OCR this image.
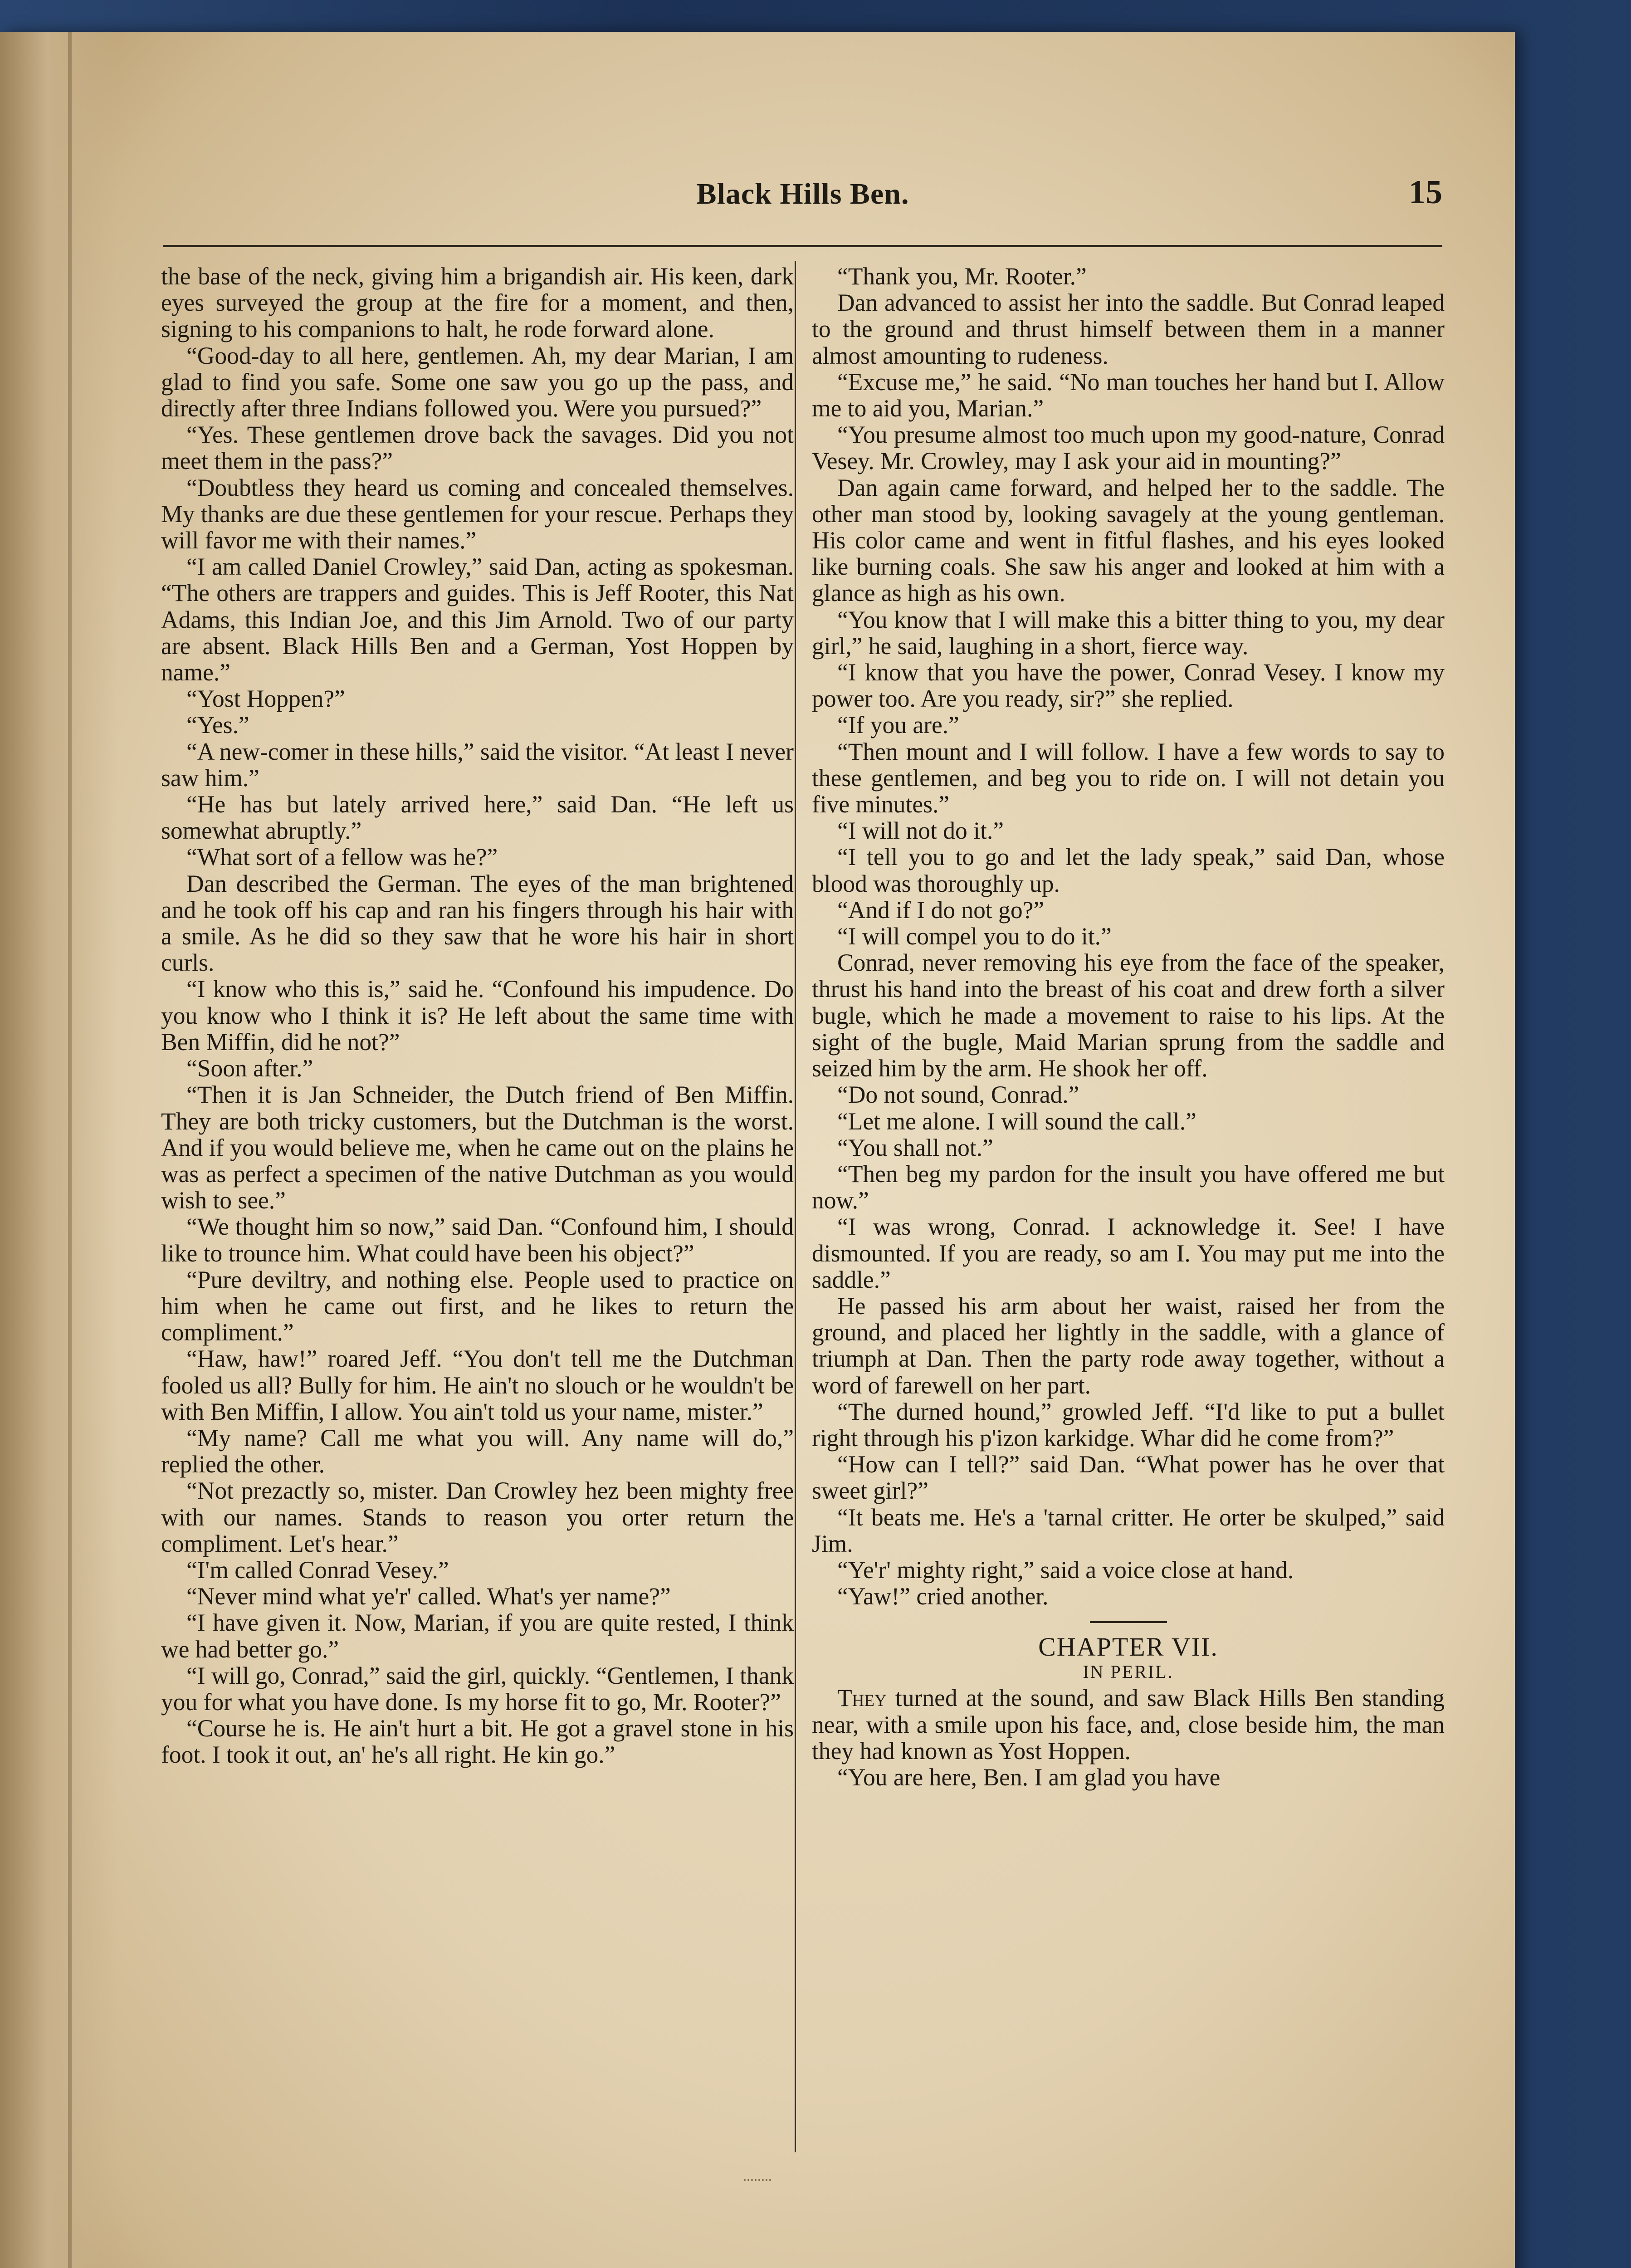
Black Hills Ben.	15

the base of the neck, giving him a brigandish air. His keen, dark eyes surveyed the group at the fire for a moment, and then, signing to his companions to halt, he rode forward alone.

“Good-day to all here, gentlemen. Ah, my dear Marian, I am glad to find you safe. Some one saw you go up the pass, and directly after three Indians followed you. Were you pursued?”

“Yes. These gentlemen drove back the savages. Did you not meet them in the pass?”

“Doubtless they heard us coming and concealed themselves. My thanks are due these gentlemen for your rescue. Perhaps they will favor me with their names.”

“I am called Daniel Crowley,” said Dan, acting as spokesman. “The others are trappers and guides. This is Jeff Rooter, this Nat Adams, this Indian Joe, and this Jim Arnold. Two of our party are absent. Black Hills Ben and a German, Yost Hoppen by name.”

“Yost Hoppen?”

“Yes.”

“A new-comer in these hills,” said the visitor. “At least I never saw him.”

“He has but lately arrived here,” said Dan. “He left us somewhat abruptly.”

“What sort of a fellow was he?”

Dan described the German. The eyes of the man brightened and he took off his cap and ran his fingers through his hair with a smile. As he did so they saw that he wore his hair in short curls.

“I know who this is,” said he. “Confound his impudence. Do you know who I think it is? He left about the same time with Ben Miffin, did he not?”

“Soon after.”

“Then it is Jan Schneider, the Dutch friend of Ben Miffin. They are both tricky customers, but the Dutchman is the worst. And if you would believe me, when he came out on the plains he was as perfect a specimen of the native Dutchman as you would wish to see.”

“We thought him so now,” said Dan. “Confound him, I should like to trounce him. What could have been his object?”

“Pure deviltry, and nothing else. People used to practice on him when he came out first, and he likes to return the compliment.”

“Haw, haw!” roared Jeff. “You don't tell me the Dutchman fooled us all? Bully for him. He ain't no slouch or he wouldn't be with Ben Miffin, I allow. You ain't told us your name, mister.”

“My name? Call me what you will. Any name will do,” replied the other.

“Not prezactly so, mister. Dan Crowley hez been mighty free with our names. Stands to reason you orter return the compliment. Let's hear.”

“I'm called Conrad Vesey.”

“Never mind what ye'r' called. What's yer name?”

“I have given it. Now, Marian, if you are quite rested, I think we had better go.”

“I will go, Conrad,” said the girl, quickly. “Gentlemen, I thank you for what you have done. Is my horse fit to go, Mr. Rooter?”

“Course he is. He ain't hurt a bit. He got a gravel stone in his foot. I took it out, an' he's all right. He kin go.”

“Thank you, Mr. Rooter.”

Dan advanced to assist her into the saddle. But Conrad leaped to the ground and thrust himself between them in a manner almost amounting to rudeness.

“Excuse me,” he said. “No man touches her hand but I. Allow me to aid you, Marian.”

“You presume almost too much upon my good-nature, Conrad Vesey. Mr. Crowley, may I ask your aid in mounting?”

Dan again came forward, and helped her to the saddle. The other man stood by, looking savagely at the young gentleman. His color came and went in fitful flashes, and his eyes looked like burning coals. She saw his anger and looked at him with a glance as high as his own.

“You know that I will make this a bitter thing to you, my dear girl,” he said, laughing in a short, fierce way.

“I know that you have the power, Conrad Vesey. I know my power too. Are you ready, sir?” she replied.

“If you are.”

“Then mount and I will follow. I have a few words to say to these gentlemen, and beg you to ride on. I will not detain you five minutes.”

“I will not do it.”

“I tell you to go and let the lady speak,” said Dan, whose blood was thoroughly up.

“And if I do not go?”

“I will compel you to do it.”

Conrad, never removing his eye from the face of the speaker, thrust his hand into the breast of his coat and drew forth a silver bugle, which he made a movement to raise to his lips. At the sight of the bugle, Maid Marian sprung from the saddle and seized him by the arm. He shook her off.

“Do not sound, Conrad.”

“Let me alone. I will sound the call.”

“You shall not.”

“Then beg my pardon for the insult you have offered me but now.”

“I was wrong, Conrad. I acknowledge it. See! I have dismounted. If you are ready, so am I. You may put me into the saddle.”

He passed his arm about her waist, raised her from the ground, and placed her lightly in the saddle, with a glance of triumph at Dan. Then the party rode away together, without a word of farewell on her part.

“The durned hound,” growled Jeff. “I'd like to put a bullet right through his p'izon karkidge. Whar did he come from?”

“How can I tell?” said Dan. “What power has he over that sweet girl?”

“It beats me. He's a 'tarnal critter. He orter be skulped,” said Jim.

“Ye'r' mighty right,” said a voice close at hand.

“Yaw!” cried another.

CHAPTER VII.
IN PERIL.

They turned at the sound, and saw Black Hills Ben standing near, with a smile upon his face, and, close beside him, the man they had known as Yost Hoppen.

“You are here, Ben. I am glad you have
